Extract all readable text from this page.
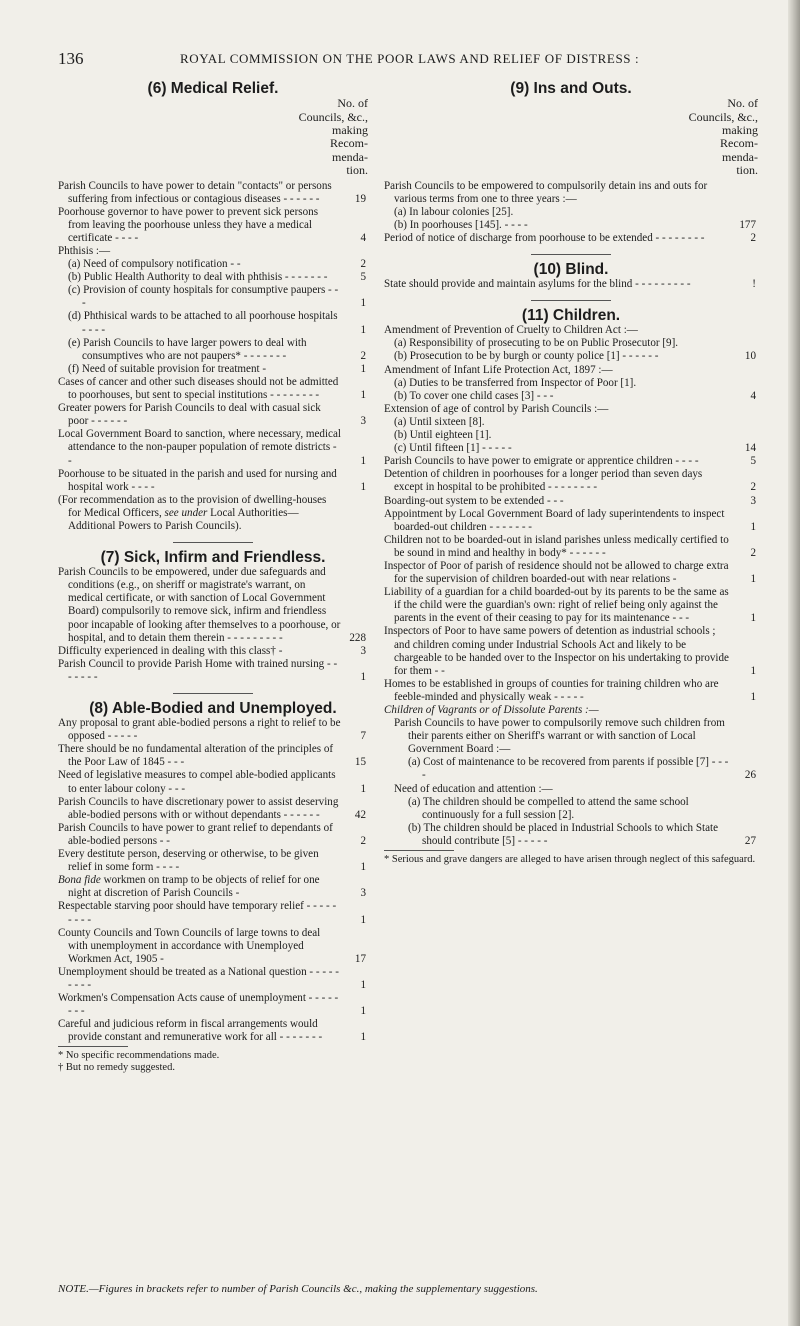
136	ROYAL COMMISSION ON THE POOR LAWS AND RELIEF OF DISTRESS :
(6) Medical Relief.
No. of
Councils, &c.,
making
Recom-
menda-
tion.

Parish Councils to have power to detain "contacts" or persons suffering from infectious or contagious diseases - - - - - -	19

Poorhouse governor to have power to prevent sick persons from leaving the poorhouse unless they have a medical certificate - - - -	4

Phthisis :—

(a) Need of compulsory notification - -	2

(b) Public Health Authority to deal with phthisis - - - - - - -	5

(c) Provision of county hospitals for consumptive paupers - - -	1

(d) Phthisical wards to be attached to all poorhouse hospitals - - - -	1

(e) Parish Councils to have larger powers to deal with consumptives who are not paupers* - - - - - - -	2

(f) Need of suitable provision for treatment -	1

Cases of cancer and other such diseases should not be admitted to poorhouses, but sent to special institutions - - - - - - - -	1

Greater powers for Parish Councils to deal with casual sick poor - - - - - -	3

Local Government Board to sanction, where necessary, medical attendance to the non-pauper population of remote districts - -	1

Poorhouse to be situated in the parish and used for nursing and hospital work - - - -	1

(For recommendation as to the provision of dwelling-houses for Medical Officers, see under Local Authorities—Additional Powers to Parish Councils).

(7) Sick, Infirm and Friendless.

Parish Councils to be empowered, under due safeguards and conditions (e.g., on sheriff or magistrate's warrant, on medical certificate, or with sanction of Local Government Board) compulsorily to remove sick, infirm and friendless poor incapable of looking after themselves to a poorhouse, or hospital, and to detain them therein - - - - - - - - -	228

Difficulty experienced in dealing with this class† -	3

Parish Council to provide Parish Home with trained nursing - - - - - - -	1

(8) Able-Bodied and Unemployed.

Any proposal to grant able-bodied persons a right to relief to be opposed - - - - -	7

There should be no fundamental alteration of the principles of the Poor Law of 1845 - - -	15

Need of legislative measures to compel able-bodied applicants to enter labour colony - - -	1

Parish Councils to have discretionary power to assist deserving able-bodied persons with or without dependants - - - - - -	42

Parish Councils to have power to grant relief to dependants of able-bodied persons - -	2

Every destitute person, deserving or otherwise, to be given relief in some form - - - -	1

Bona fide workmen on tramp to be objects of relief for one night at discretion of Parish Councils -	3

Respectable starving poor should have temporary relief - - - - - - - - -	1

County Councils and Town Councils of large towns to deal with unemployment in accordance with Unemployed Workmen Act, 1905 -	17

Unemployment should be treated as a National question - - - - - - - - -	1

Workmen's Compensation Acts cause of unemployment - - - - - - - -	1

Careful and judicious reform in fiscal arrangements would provide constant and remunerative work for all - - - - - - -	1

* No specific recommendations made.
† But no remedy suggested.
(9) Ins and Outs.
No. of
Councils, &c.,
making
Recom-
menda-
tion.

Parish Councils to be empowered to compulsorily detain ins and outs for various terms from one to three years :—

(a) In labour colonies [25].

(b) In poorhouses [145]. - - - -	177

Period of notice of discharge from poorhouse to be extended - - - - - - - -	2

(10) Blind.

State should provide and maintain asylums for the blind - - - - - - - - -	!

(11) Children.

Amendment of Prevention of Cruelty to Children Act :—

(a) Responsibility of prosecuting to be on Public Prosecutor [9].

(b) Prosecution to be by burgh or county police [1] - - - - - -	10

Amendment of Infant Life Protection Act, 1897 :—

(a) Duties to be transferred from Inspector of Poor [1].

(b) To cover one child cases [3] - - -	4

Extension of age of control by Parish Councils :—

(a) Until sixteen [8].

(b) Until eighteen [1].

(c) Until fifteen [1] - - - - -	14

Parish Councils to have power to emigrate or apprentice children - - - -	5

Detention of children in poorhouses for a longer period than seven days except in hospital to be prohibited - - - - - - - -	2

Boarding-out system to be extended - - -	3

Appointment by Local Government Board of lady superintendents to inspect boarded-out children - - - - - - -	1

Children not to be boarded-out in island parishes unless medically certified to be sound in mind and healthy in body* - - - - - -	2

Inspector of Poor of parish of residence should not be allowed to charge extra for the supervision of children boarded-out with near relations -	1

Liability of a guardian for a child boarded-out by its parents to be the same as if the child were the guardian's own: right of relief being only against the parents in the event of their ceasing to pay for its maintenance - - -	1

Inspectors of Poor to have same powers of detention as industrial schools ; and children coming under Industrial Schools Act and likely to be chargeable to be handed over to the Inspector on his undertaking to provide for them - -	1

Homes to be established in groups of counties for training children who are feeble-minded and physically weak - - - - -	1

Children of Vagrants or of Dissolute Parents :—

Parish Councils to have power to compulsorily remove such children from their parents either on Sheriff's warrant or with sanction of Local Government Board :—

(a) Cost of maintenance to be recovered from parents if possible [7] - - - -	26

Need of education and attention :—

(a) The children should be compelled to attend the same school continuously for a full session [2].

(b) The children should be placed in Industrial Schools to which State should contribute [5] - - - - -	27

* Serious and grave dangers are alleged to have arisen through neglect of this safeguard.
NOTE.—Figures in brackets refer to number of Parish Councils &c., making the supplementary suggestions.
